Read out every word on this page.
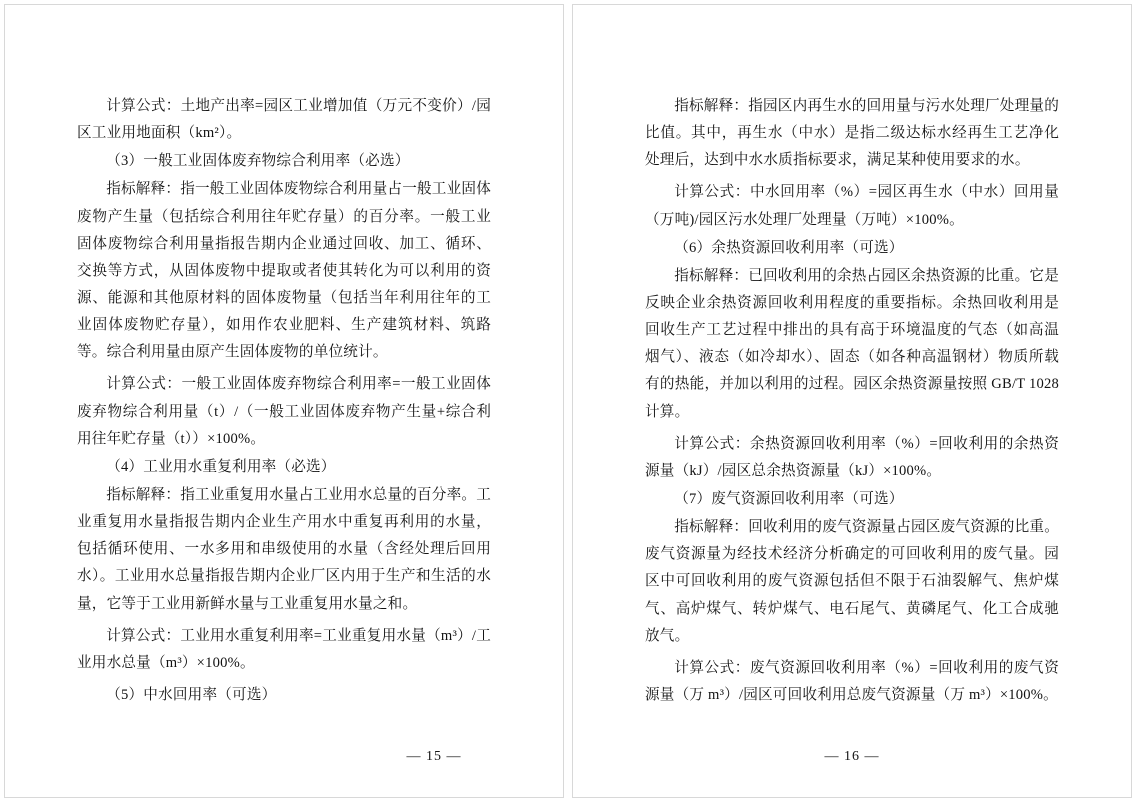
计算公式：土地产出率=园区工业增加值（万元不变价）/园区工业用地面积（km²）。

（3）一般工业固体废弃物综合利用率（必选）

指标解释：指一般工业固体废物综合利用量占一般工业固体废物产生量（包括综合利用往年贮存量）的百分率。一般工业固体废物综合利用量指报告期内企业通过回收、加工、循环、交换等方式，从固体废物中提取或者使其转化为可以利用的资源、能源和其他原材料的固体废物量（包括当年利用往年的工业固体废物贮存量），如用作农业肥料、生产建筑材料、筑路等。综合利用量由原产生固体废物的单位统计。

计算公式：一般工业固体废弃物综合利用率=一般工业固体废弃物综合利用量（t）/（一般工业固体废弃物产生量+综合利用往年贮存量（t））×100%。

（4）工业用水重复利用率（必选）

指标解释：指工业重复用水量占工业用水总量的百分率。工业重复用水量指报告期内企业生产用水中重复再利用的水量，包括循环使用、一水多用和串级使用的水量（含经处理后回用水）。工业用水总量指报告期内企业厂区内用于生产和生活的水量，它等于工业用新鲜水量与工业重复用水量之和。

计算公式：工业用水重复利用率=工业重复用水量（m³）/工业用水总量（m³）×100%。

（5）中水回用率（可选）

— 15 —

指标解释：指园区内再生水的回用量与污水处理厂处理量的比值。其中，再生水（中水）是指二级达标水经再生工艺净化处理后，达到中水水质指标要求，满足某种使用要求的水。

计算公式：中水回用率（%）=园区再生水（中水）回用量（万吨)/园区污水处理厂处理量（万吨）×100%。

（6）余热资源回收利用率（可选）

指标解释：已回收利用的余热占园区余热资源的比重。它是反映企业余热资源回收利用程度的重要指标。余热回收利用是回收生产工艺过程中排出的具有高于环境温度的气态（如高温烟气）、液态（如冷却水）、固态（如各种高温钢材）物质所载有的热能，并加以利用的过程。园区余热资源量按照 GB/T 1028 计算。

计算公式：余热资源回收利用率（%）=回收利用的余热资源量（kJ）/园区总余热资源量（kJ）×100%。

（7）废气资源回收利用率（可选）

指标解释：回收利用的废气资源量占园区废气资源的比重。废气资源量为经技术经济分析确定的可回收利用的废气量。园区中可回收利用的废气资源包括但不限于石油裂解气、焦炉煤气、高炉煤气、转炉煤气、电石尾气、黄磷尾气、化工合成驰放气。

计算公式：废气资源回收利用率（%）=回收利用的废气资源量（万 m³）/园区可回收利用总废气资源量（万 m³）×100%。

— 16 —
